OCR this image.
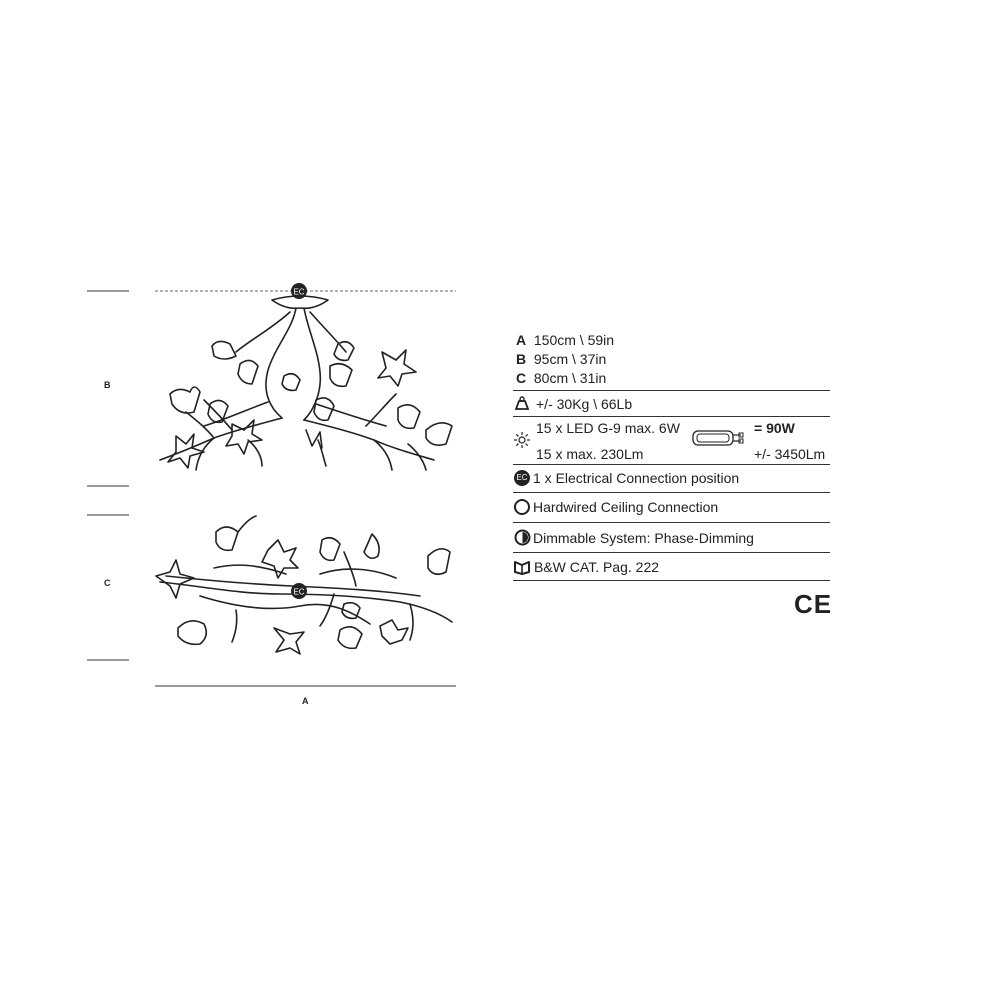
EC
EC
B
C
A
A 150cm \ 59in
B 95cm \ 37in
C 80cm \ 31in
+/- 30Kg \ 66Lb
15 x LED G-9 max. 6W
15 x max. 230Lm
= 90W
+/- 3450Lm
EC 1 x Electrical Connection position
Hardwired Ceiling Connection
Dimmable System: Phase-Dimming
B&W CAT. Pag. 222
CE
